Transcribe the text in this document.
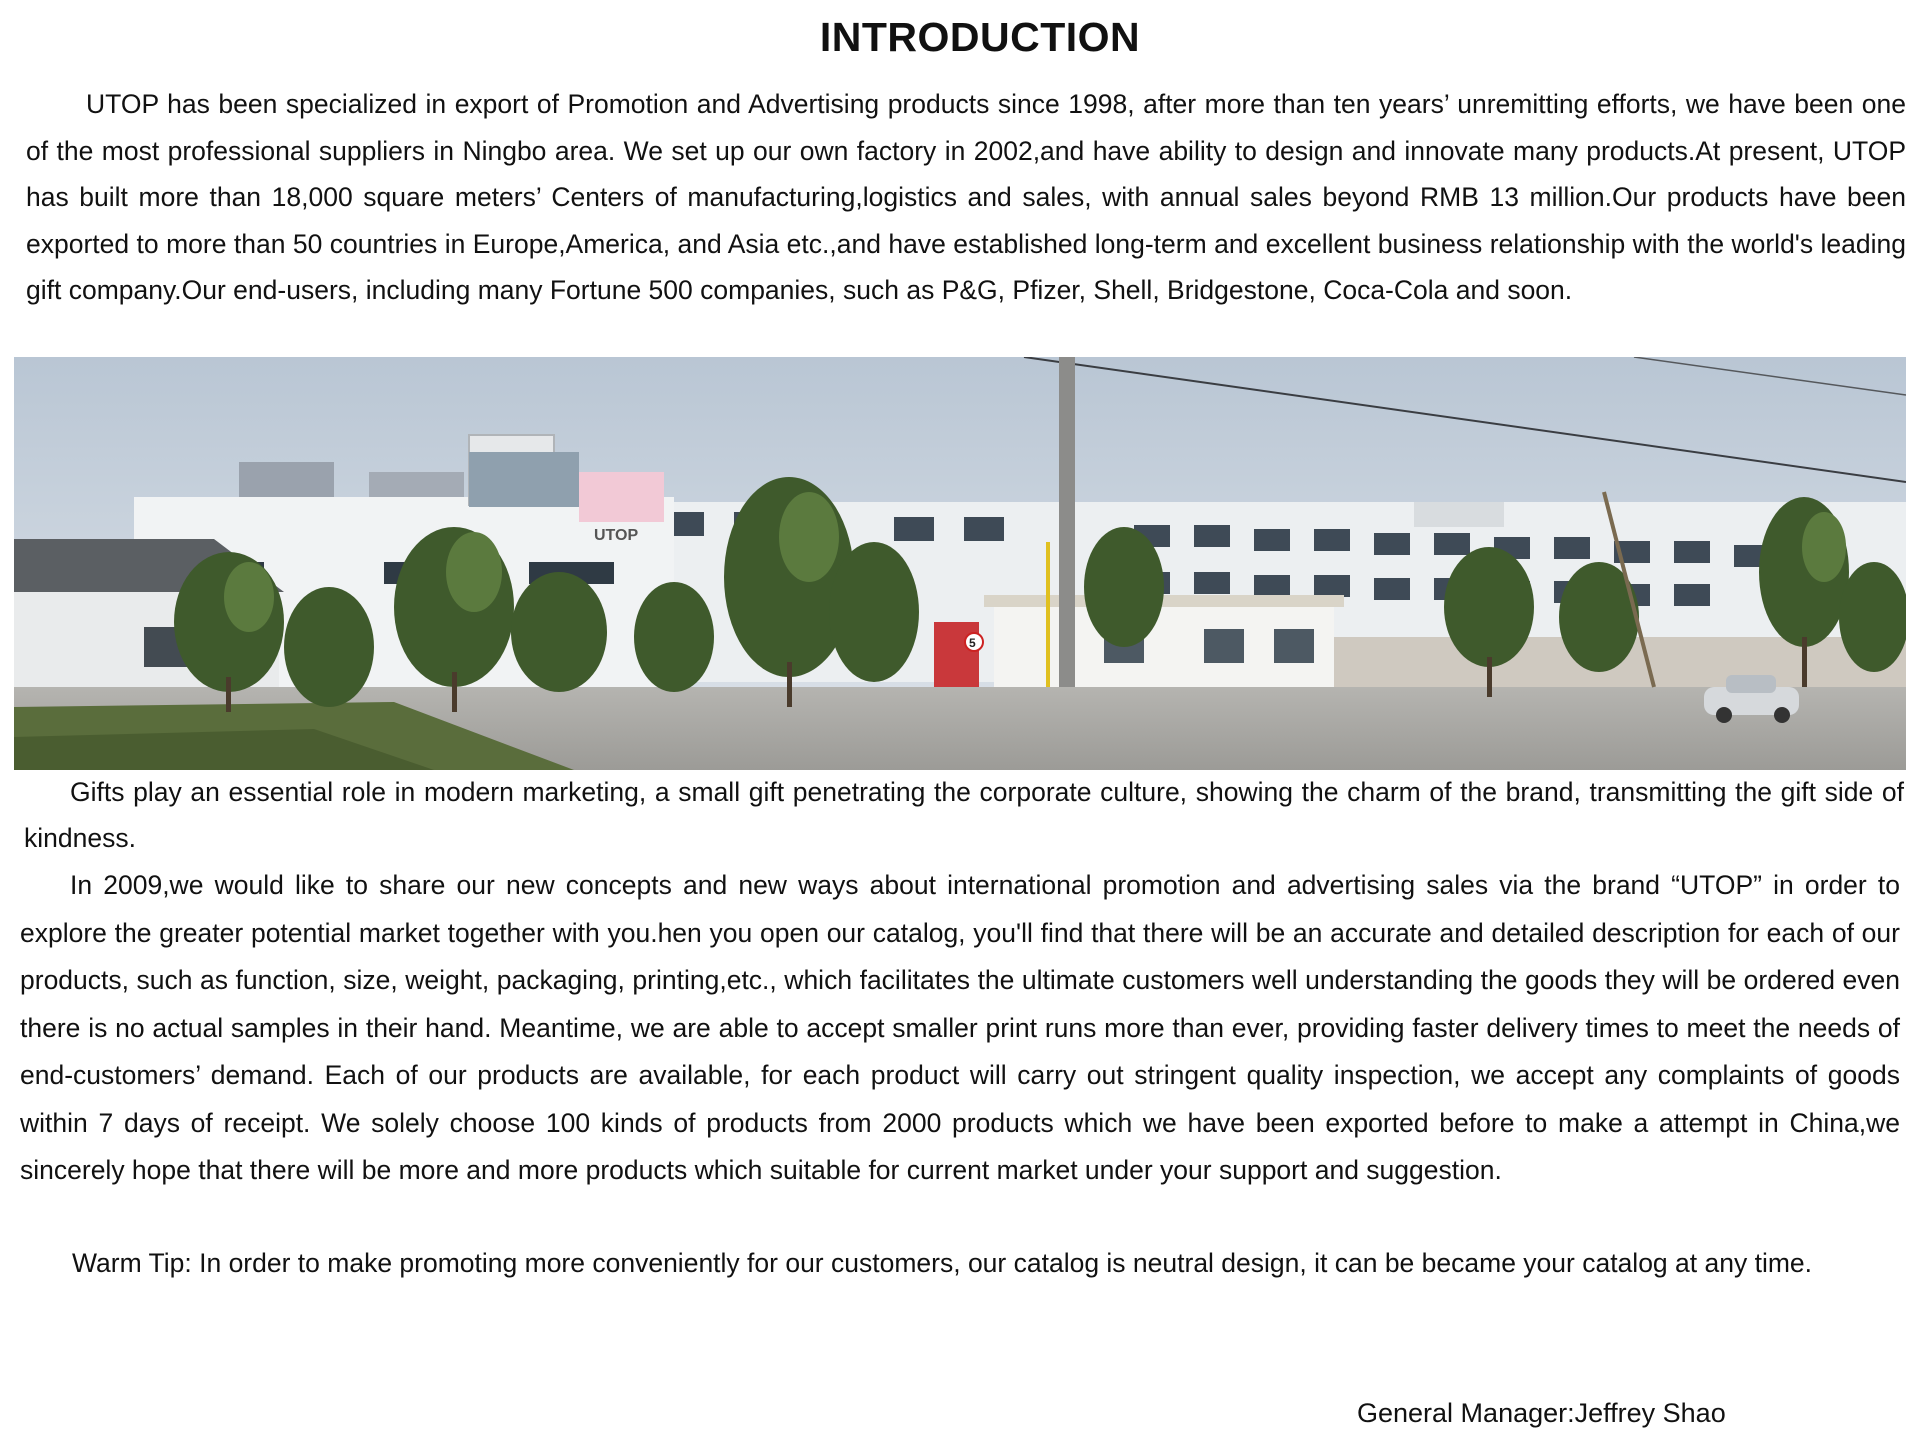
INTRODUCTION

UTOP has been specialized in export of Promotion and Advertising products since 1998, after more than ten years’ unremitting efforts, we have been one of the most professional suppliers in Ningbo area. We set up our own factory in 2002,and have ability to design and innovate many products.At present, UTOP has built more than 18,000 square meters’ Centers of manufacturing,logistics and sales, with annual sales beyond RMB 13 million.Our products have been exported to more than 50 countries in Europe,America, and Asia etc.,and have established long-term and excellent business relationship with the world's leading gift company.Our end-users, including many Fortune 500 companies, such as P&G, Pfizer, Shell, Bridgestone, Coca-Cola and soon.

UTOP
5

Gifts play an essential role in modern marketing, a small gift penetrating the corporate culture, showing the charm of the brand, transmitting the gift side of kindness.

In 2009,we would like to share our new concepts and new ways about international promotion and advertising sales via the brand “UTOP” in order to explore the greater potential market together with you.hen you open our catalog, you'll find that there will be an accurate and detailed description for each of our products, such as function, size, weight, packaging, printing,etc., which facilitates the ultimate customers well understanding the goods they will be ordered even there is no actual samples in their hand. Meantime, we are able to accept smaller print runs more than ever, providing faster delivery times to meet the needs of end-customers’ demand. Each of our products are available, for each product will carry out stringent quality inspection, we accept any complaints of goods within 7 days of receipt. We solely choose 100 kinds of products from 2000 products which we have been exported before to make a attempt in China,we sincerely hope that there will be more and more products which suitable for current market under your support and suggestion.

Warm Tip: In order to make promoting more conveniently for our customers, our catalog is neutral design, it can be became your catalog at any time.

General Manager:Jeffrey Shao
